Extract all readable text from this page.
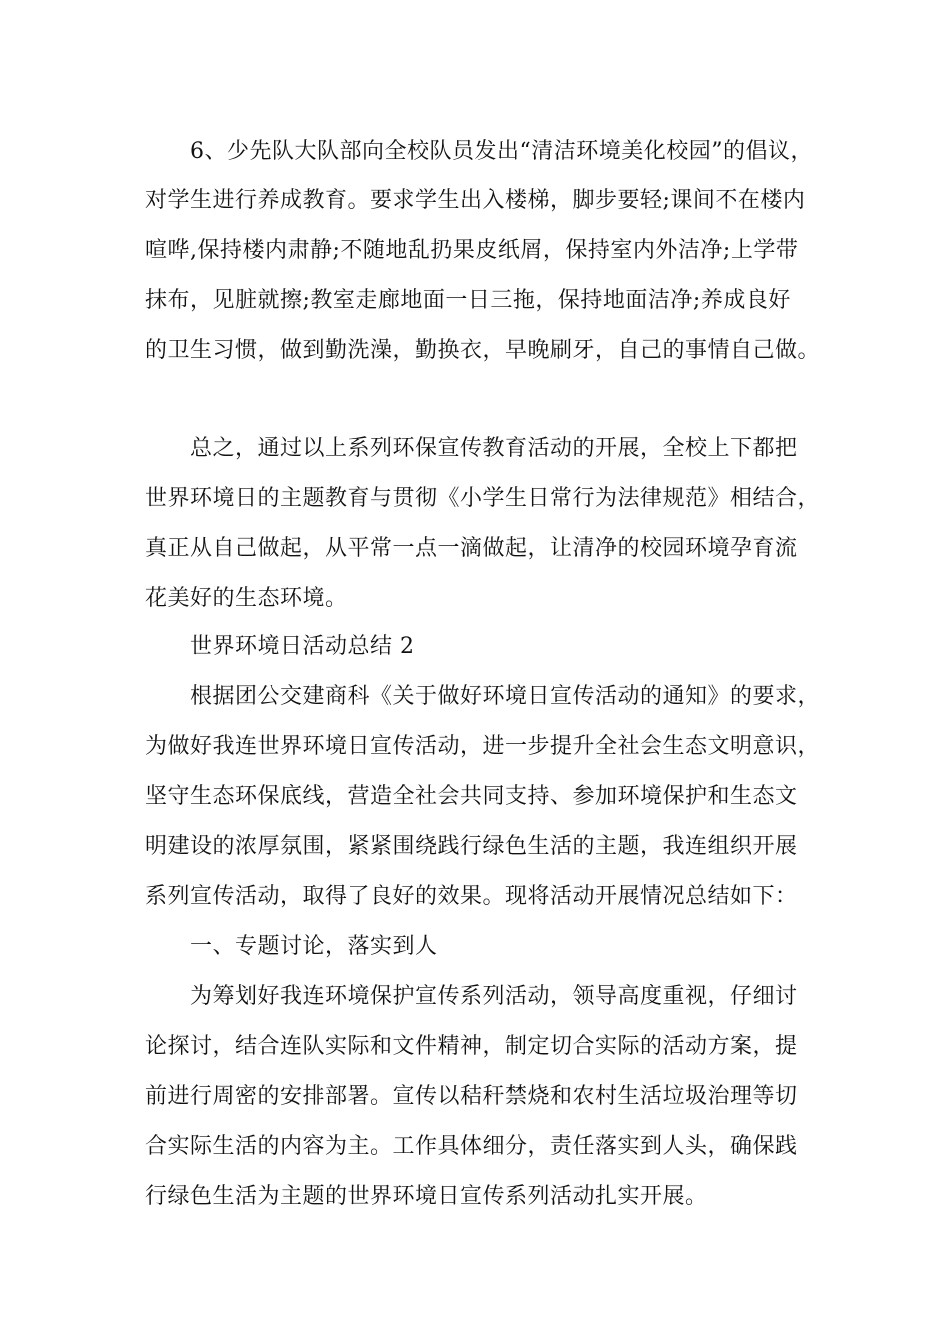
6、少先队大队部向全校队员发出“清洁环境美化校园”的倡议，
对学生进行养成教育。要求学生出入楼梯，脚步要轻;课间不在楼内
喧哗,保持楼内肃静;不随地乱扔果皮纸屑，保持室内外洁净;上学带
抹布，见脏就擦;教室走廊地面一日三拖，保持地面洁净;养成良好
的卫生习惯，做到勤洗澡，勤换衣，早晚刷牙，自己的事情自己做。
总之，通过以上系列环保宣传教育活动的开展，全校上下都把
世界环境日的主题教育与贯彻《小学生日常行为法律规范》相结合，
真正从自己做起，从平常一点一滴做起，让清净的校园环境孕育流
花美好的生态环境。
世界环境日活动总结 2
根据团公交建商科《关于做好环境日宣传活动的通知》的要求，
为做好我连世界环境日宣传活动，进一步提升全社会生态文明意识，
坚守生态环保底线，营造全社会共同支持、参加环境保护和生态文
明建设的浓厚氛围，紧紧围绕践行绿色生活的主题，我连组织开展
系列宣传活动，取得了良好的效果。现将活动开展情况总结如下：
一、专题讨论，落实到人
为筹划好我连环境保护宣传系列活动，领导高度重视，仔细讨
论探讨，结合连队实际和文件精神，制定切合实际的活动方案，提
前进行周密的安排部署。宣传以秸秆禁烧和农村生活垃圾治理等切
合实际生活的内容为主。工作具体细分，责任落实到人头，确保践
行绿色生活为主题的世界环境日宣传系列活动扎实开展。
